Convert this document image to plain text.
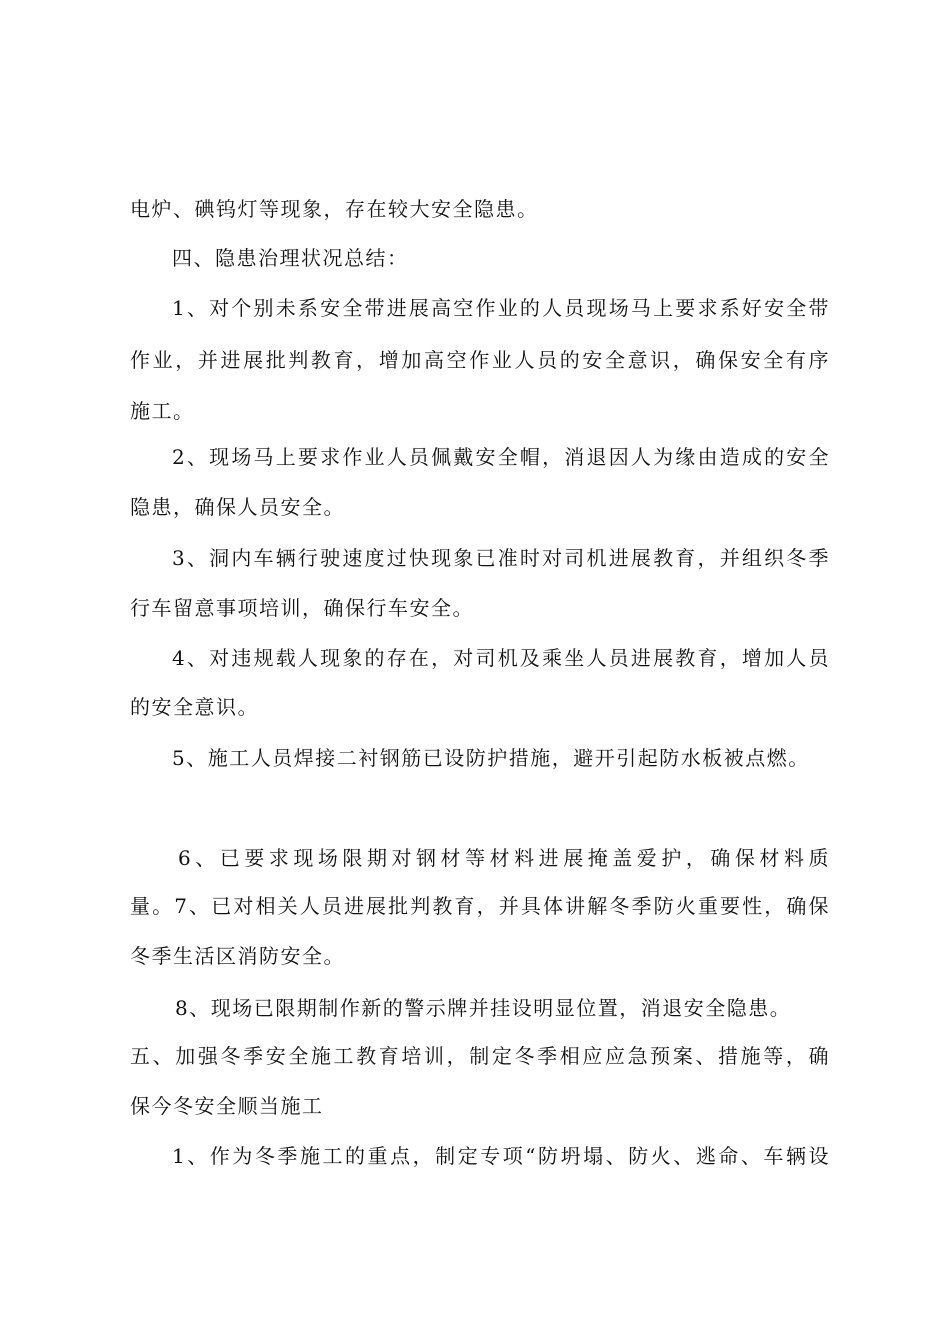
电炉、碘钨灯等现象，存在较大安全隐患。
四、隐患治理状况总结：
1、对个别未系安全带进展高空作业的人员现场马上要求系好安全带
作业，并进展批判教育，增加高空作业人员的安全意识，确保安全有序
施工。
2、现场马上要求作业人员佩戴安全帽，消退因人为缘由造成的安全
隐患，确保人员安全。
3、洞内车辆行驶速度过快现象已准时对司机进展教育，并组织冬季
行车留意事项培训，确保行车安全。
4、对违规载人现象的存在，对司机及乘坐人员进展教育，增加人员
的安全意识。
5、施工人员焊接二衬钢筋已设防护措施，避开引起防水板被点燃。
6、已要求现场限期对钢材等材料进展掩盖爱护，确保材料质
量。7、已对相关人员进展批判教育，并具体讲解冬季防火重要性，确保
冬季生活区消防安全。
8、现场已限期制作新的警示牌并挂设明显位置，消退安全隐患。
五、加强冬季安全施工教育培训，制定冬季相应应急预案、措施等，确
保今冬安全顺当施工
1、作为冬季施工的重点，制定专项“防坍塌、防火、逃命、车辆设
